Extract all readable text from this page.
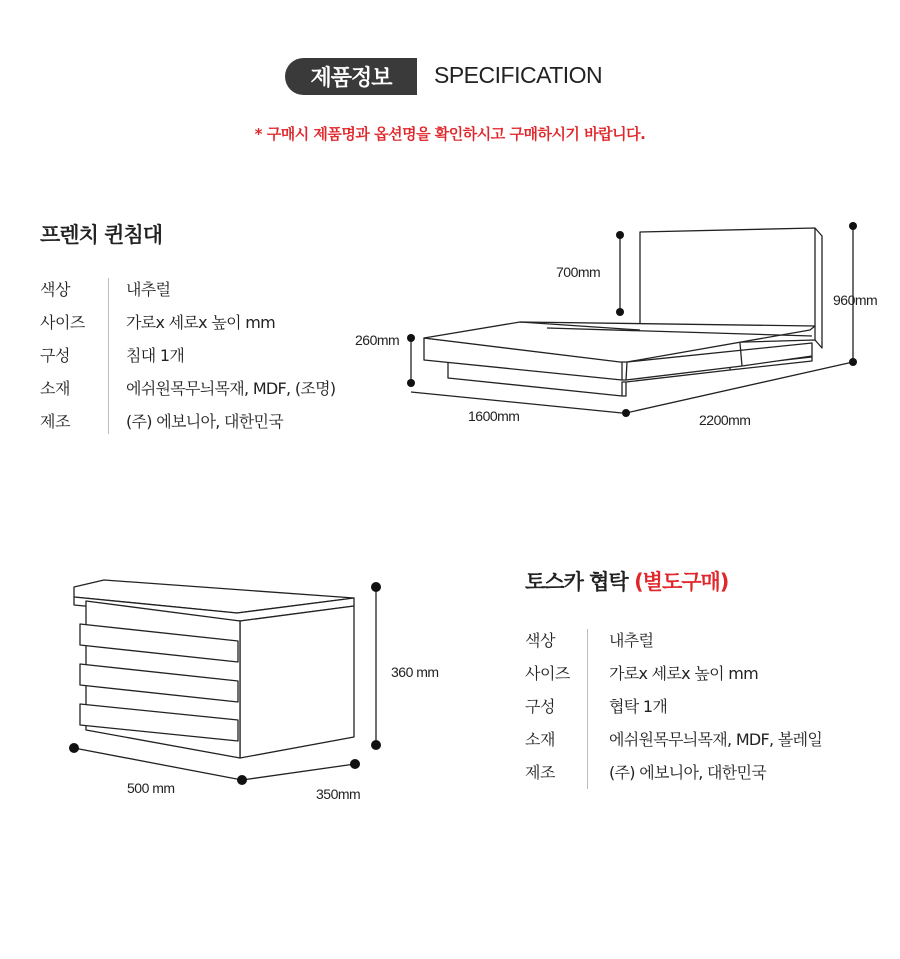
제품정보	SPECIFICATION
* 구매시 제품명과 옵션명을 확인하시고 구매하시기 바랍니다.
프렌치 퀸침대
색상	내추럴
사이즈	가로x 세로x 높이 mm
구성	침대 1개
소재	에쉬원목무늬목재, MDF, (조명)
제조	(주) 에보니아, 대한민국
700mm
960mm
260mm
1600mm	2200mm
토스카 협탁 (별도구매)
색상	내추럴
사이즈	가로x 세로x 높이 mm
구성	협탁 1개
소재	에쉬원목무늬목재, MDF, 볼레일
제조	(주) 에보니아, 대한민국
360 mm
500 mm	350mm
